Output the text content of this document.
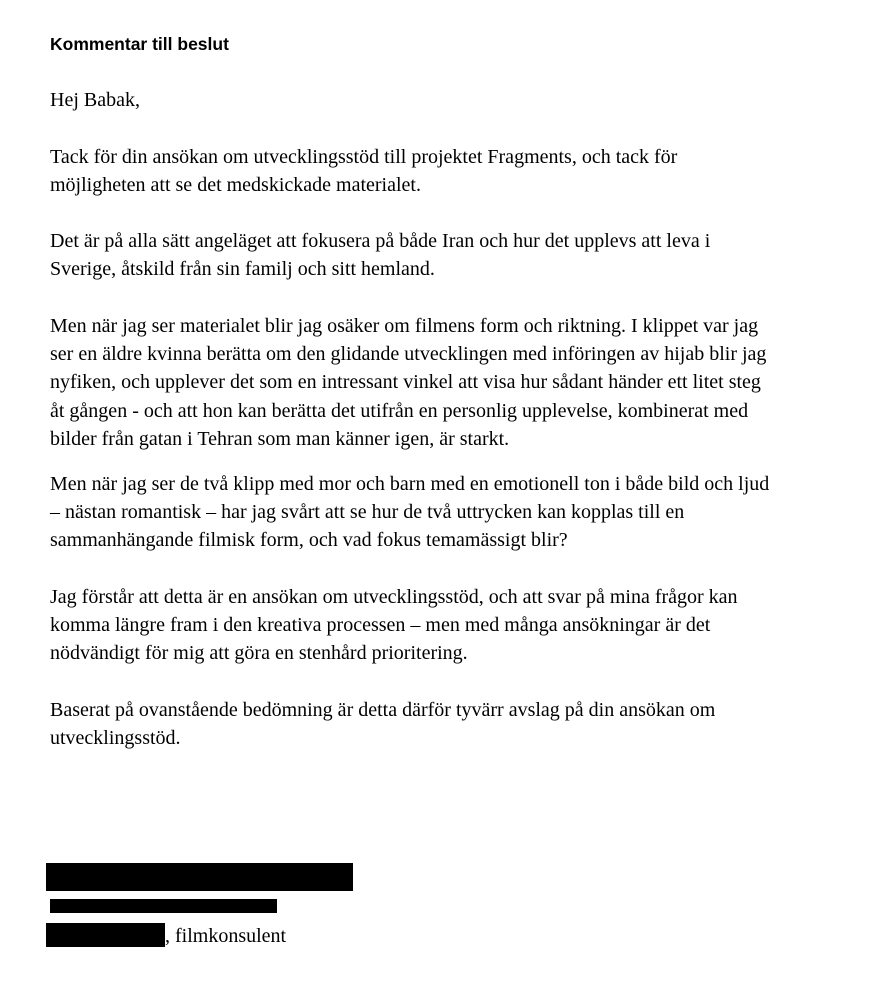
Kommentar till beslut

Hej Babak,

Tack för din ansökan om utvecklingsstöd till projektet Fragments, och tack för
möjligheten att se det medskickade materialet.

Det är på alla sätt angeläget att fokusera på både Iran och hur det upplevs att leva i
Sverige, åtskild från sin familj och sitt hemland.

Men när jag ser materialet blir jag osäker om filmens form och riktning. I klippet var jag
ser en äldre kvinna berätta om den glidande utvecklingen med införingen av hijab blir jag
nyfiken, och upplever det som en intressant vinkel att visa hur sådant händer ett litet steg
åt gången - och att hon kan berätta det utifrån en personlig upplevelse, kombinerat med
bilder från gatan i Tehran som man känner igen, är starkt.

Men när jag ser de två klipp med mor och barn med en emotionell ton i både bild och ljud
– nästan romantisk – har jag svårt att se hur de två uttrycken kan kopplas till en
sammanhängande filmisk form, och vad fokus temamässigt blir?

Jag förstår att detta är en ansökan om utvecklingsstöd, och att svar på mina frågor kan
komma längre fram i den kreativa processen – men med många ansökningar är det
nödvändigt för mig att göra en stenhård prioritering.

Baserat på ovanstående bedömning är detta därför tyvärr avslag på din ansökan om
utvecklingsstöd.

, filmkonsulent
